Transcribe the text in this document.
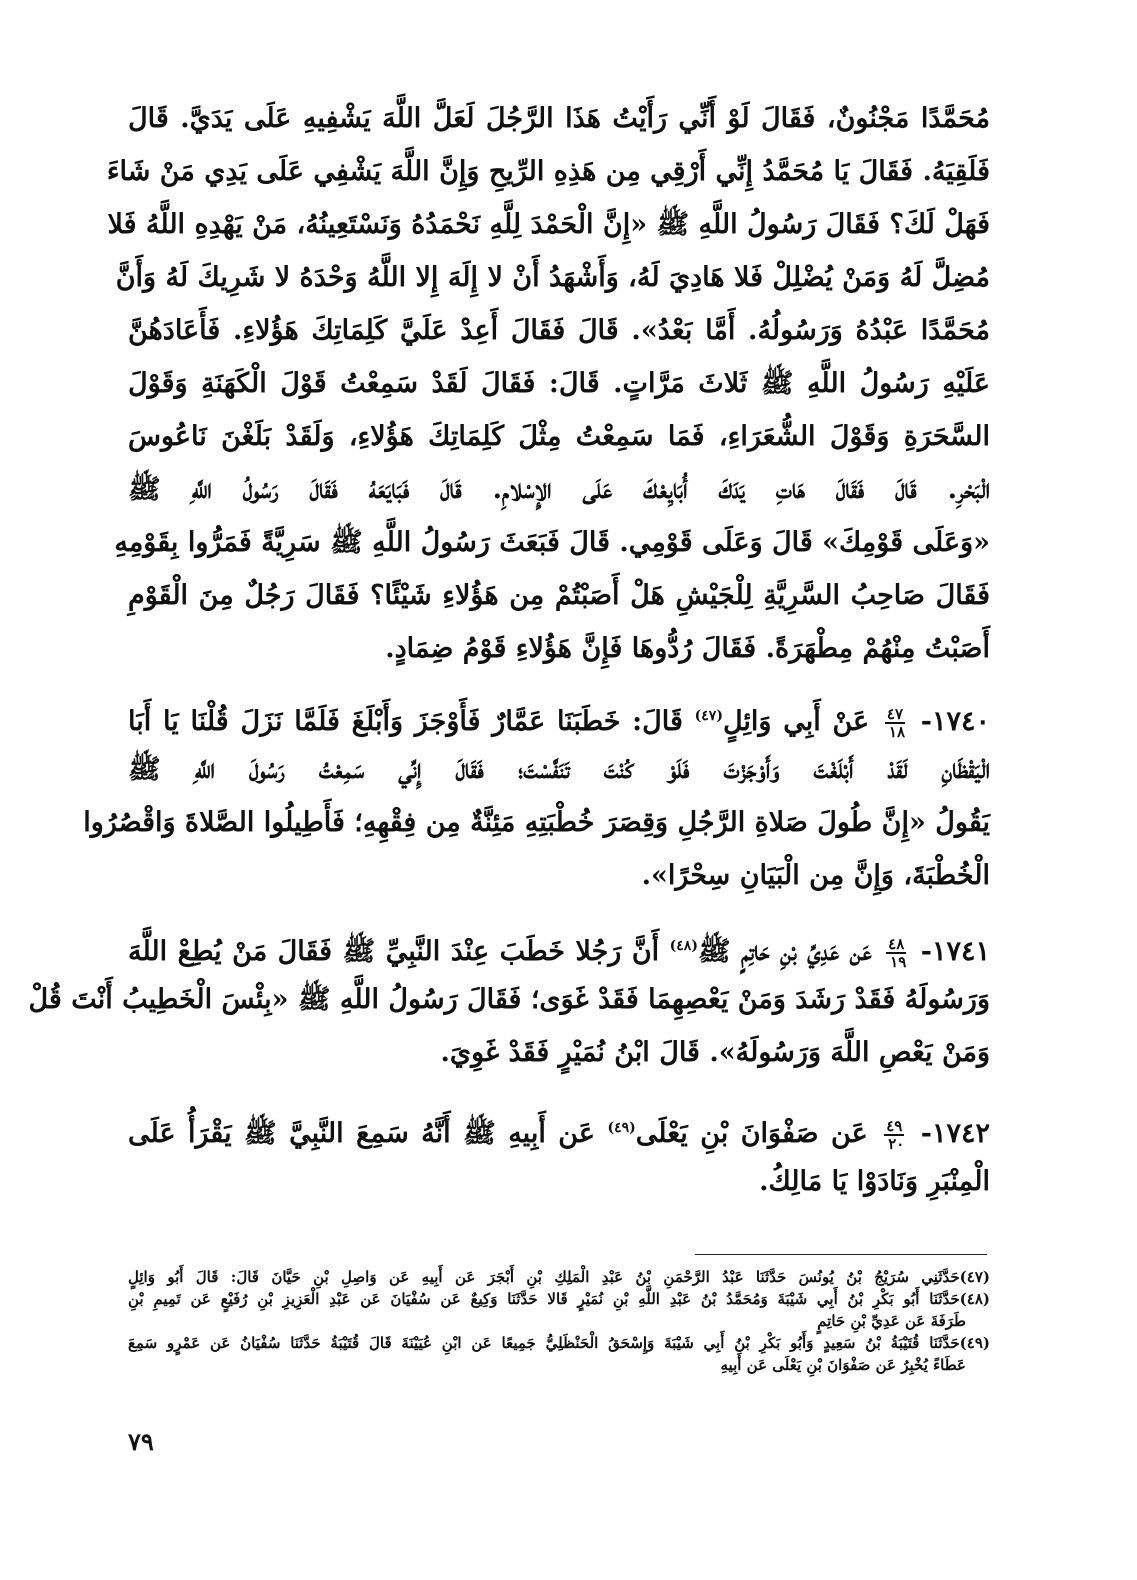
مُحَمَّدًا مَجْنُونٌ، فَقَالَ لَوْ أَنِّي رَأَيْتُ هَذَا الرَّجُلَ لَعَلَّ اللَّهَ يَشْفِيهِ عَلَى يَدَيَّ. قَالَ
فَلَقِيَهُ. فَقَالَ يَا مُحَمَّدُ إِنِّي أَرْقِي مِن هَذِهِ الرِّيحِ وَإِنَّ اللَّهَ يَشْفِي عَلَى يَدِي مَنْ شَاءَ
فَهَلْ لَكَ؟ فَقَالَ رَسُولُ اللَّهِ ﷺ «إِنَّ الْحَمْدَ لِلَّهِ نَحْمَدُهُ وَنَسْتَعِينُهُ، مَنْ يَهْدِهِ اللَّهُ فَلا
مُضِلَّ لَهُ وَمَنْ يُضْلِلْ فَلا هَادِيَ لَهُ، وَأَشْهَدُ أَنْ لا إِلَهَ إِلا اللَّهُ وَحْدَهُ لا شَرِيكَ لَهُ وَأَنَّ
مُحَمَّدًا عَبْدُهُ وَرَسُولُهُ. أَمَّا بَعْدُ». قَالَ فَقَالَ أَعِدْ عَلَيَّ كَلِمَاتِكَ هَؤُلاءِ. فَأَعَادَهُنَّ
عَلَيْهِ رَسُولُ اللَّهِ ﷺ ثَلاثَ مَرَّاتٍ. قَالَ: فَقَالَ لَقَدْ سَمِعْتُ قَوْلَ الْكَهَنَةِ وَقَوْلَ
السَّحَرَةِ وَقَوْلَ الشُّعَرَاءِ، فَمَا سَمِعْتُ مِثْلَ كَلِمَاتِكَ هَؤُلاءِ، وَلَقَدْ بَلَغْنَ نَاعُوسَ
الْبَحْرِ. قَالَ فَقَالَ هَاتِ يَدَكَ أُبَايِعْكَ عَلَى الإِسْلامِ. قَالَ فَبَايَعَهُ فَقَالَ رَسُولُ اللَّهِ ﷺ
«وَعَلَى قَوْمِكَ» قَالَ وَعَلَى قَوْمِي. قَالَ فَبَعَثَ رَسُولُ اللَّهِ ﷺ سَرِيَّةً فَمَرُّوا بِقَوْمِهِ
فَقَالَ صَاحِبُ السَّرِيَّةِ لِلْجَيْشِ هَلْ أَصَبْتُمْ مِن هَؤُلاءِ شَيْئًا؟ فَقَالَ رَجُلٌ مِنَ الْقَوْمِ
أَصَبْتُ مِنْهُمْ مِطْهَرَةً. فَقَالَ رُدُّوهَا فَإِنَّ هَؤُلاءِ قَوْمُ ضِمَادٍ.
١٧٤٠-
$\frac{٤٧}{١٨}$
عَنْ أَبِي وَائِلٍ$^{(٤٧)}$ قَالَ: خَطَبَنَا عَمَّارٌ فَأَوْجَزَ وَأَبْلَغَ فَلَمَّا نَزَلَ قُلْنَا يَا أَبَا
الْيَقْظَانِ لَقَدْ أَبْلَغْتَ وَأَوْجَزْتَ فَلَوْ كُنْتَ تَنَفَّسْتَ؛ فَقَالَ إِنِّي سَمِعْتُ رَسُولَ اللَّهِ ﷺ
يَقُولُ «إِنَّ طُولَ صَلاةِ الرَّجُلِ وَقِصَرَ خُطْبَتِهِ مَئِنَّةٌ مِن فِقْهِهِ؛ فَأَطِيلُوا الصَّلاةَ وَاقْصُرُوا
الْخُطْبَةَ، وَإِنَّ مِن الْبَيَانِ سِحْرًا».
١٧٤١-
$\frac{٤٨}{١٩}$
عَن عَدِيِّ بْنِ حَاتِمٍ ﷺ$^{(٤٨)}$ أَنَّ رَجُلا خَطَبَ عِنْدَ النَّبِيِّ ﷺ فَقَالَ مَنْ يُطِعْ اللَّهَ
وَرَسُولَهُ فَقَدْ رَشَدَ وَمَنْ يَعْصِهِمَا فَقَدْ غَوَى؛ فَقَالَ رَسُولُ اللَّهِ ﷺ «بِئْسَ الْخَطِيبُ أَنْتَ قُلْ
وَمَنْ يَعْصِ اللَّهَ وَرَسُولَهُ». قَالَ ابْنُ نُمَيْرٍ فَقَدْ غَوِيَ.
١٧٤٢-
$\frac{٤٩}{٢٠}$
عَن صَفْوَانَ بْنِ يَعْلَى$^{(٤٩)}$ عَن أَبِيهِ ﷺ أَنَّهُ سَمِعَ النَّبِيَّ ﷺ يَقْرَأُ عَلَى
الْمِنْبَرِ وَنَادَوْا يَا مَالِكُ.
(٤٧)حَدَّثَنِي سُرَيْجُ بْنُ يُونُسَ حَدَّثَنَا عَبْدُ الرَّحْمَنِ بْنُ عَبْدِ الْمَلِكِ بْنِ أَبْجَرَ عَن أَبِيهِ عَن وَاصِلِ بْنِ حَيَّانَ قَالَ: قَالَ أَبُو وَائِلٍ
(٤٨)حَدَّثَنَا أَبُو بَكْرِ بْنُ أَبِي شَيْبَةَ وَمُحَمَّدُ بْنُ عَبْدِ اللَّهِ بْنِ نُمَيْرٍ قَالا حَدَّثَنَا وَكِيعٌ عَن سُفْيَانَ عَن عَبْدِ الْعَزِيزِ بْنِ رُفَيْعٍ عَن تَمِيمِ بْنِ
طَرَفَةَ عَن عَدِيِّ بْنِ حَاتِمٍ
(٤٩)حَدَّثَنَا قُتَيْبَةُ بْنُ سَعِيدٍ وَأَبُو بَكْرِ بْنُ أَبِي شَيْبَةَ وَإِسْحَقُ الْحَنْظَلِيُّ جَمِيعًا عَن ابْنِ عُيَيْنَةَ قَالَ قُتَيْبَةُ حَدَّثَنَا سُفْيَانُ عَن عَمْرٍو سَمِعَ
عَطَاءً يُخْبِرُ عَن صَفْوَانَ بْنِ يَعْلَى عَن أَبِيهِ
٧٩
